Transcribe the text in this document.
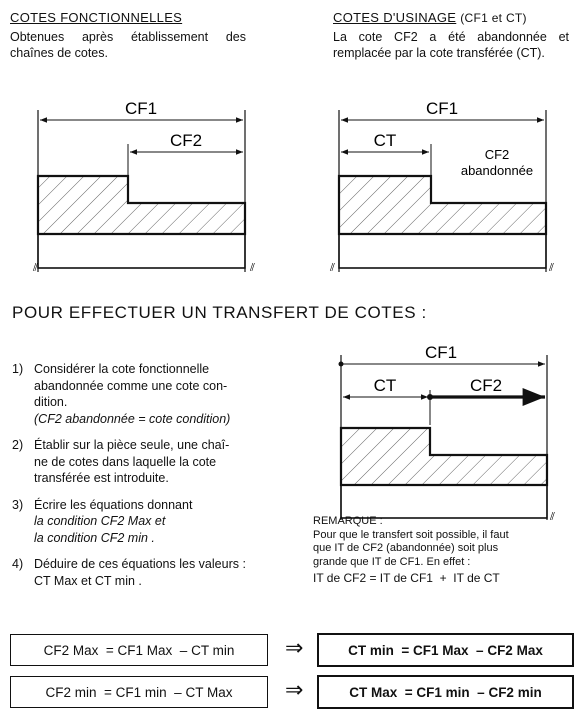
COTES FONCTIONNELLES
Obtenues après établissement des chaînes de cotes.
COTES D'USINAGE (CF1 et CT)
La cote CF2 a été abandonnée et remplacée par la cote transférée (CT).
CF1
CF2
⫽	⫽
CF1
CT
CF2
abandonnée
⫽	⫽
POUR EFFECTUER UN TRANSFERT DE COTES :
1) Considérer la cote fonctionnelle
abandonnée comme une cote con-
dition.
(CF2 abandonnée = cote condition)
2) Établir sur la pièce seule, une chaî-
ne de cotes dans laquelle la cote
transférée est introduite.
3) Écrire les équations donnant
la condition CF2 Max et
la condition CF2 min .
4) Déduire de ces équations les valeurs :
CT Max et CT min .
CF1
CT	CF2
⫽
REMARQUE :
Pour que le transfert soit possible, il faut
que IT de CF2 (abandonnée) soit plus
grande que IT de CF1. En effet :
IT de CF2 = IT de CF1  +  IT de CT
CF2 Max  = CF1 Max  – CT min	⇒	CT min  = CF1 Max  – CF2 Max
CF2 min  = CF1 min  – CT Max	⇒	CT Max  = CF1 min  – CF2 min
